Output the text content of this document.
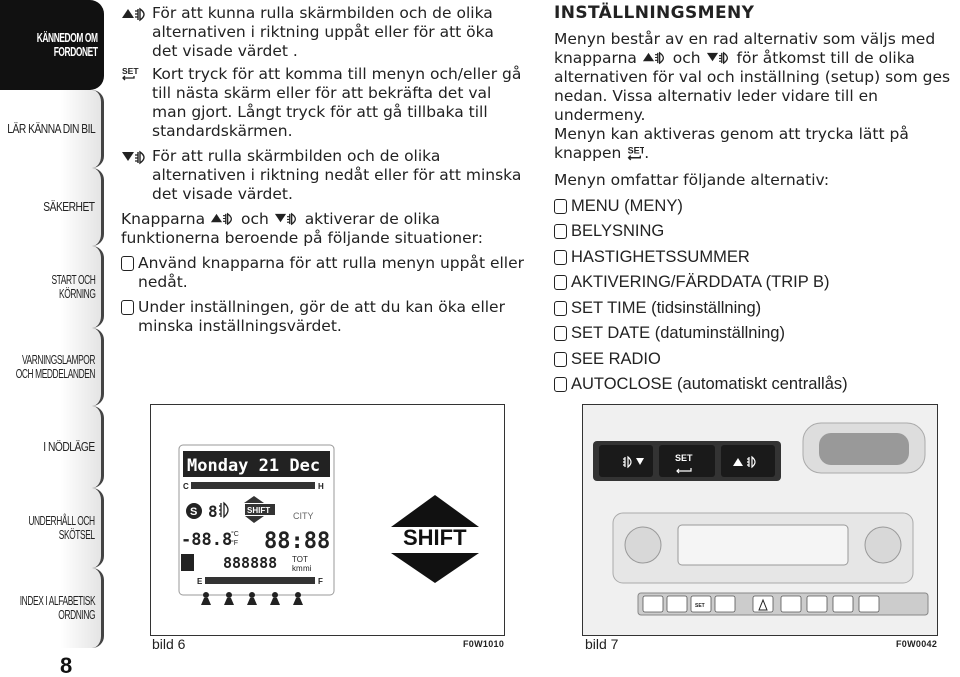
KÄNNEDOM OM
FORDONET
LÄR KÄNNA DIN BIL
SÄKERHET
START OCH
KÖRNING
VARNINGSLAMPOR
OCH MEDDELANDEN
I NÖDLÄGE
UNDERHÅLL OCH
SKÖTSEL
INDEX I ALFABETISK
ORDNING
8
För att kunna rulla skärmbilden och de olika
alternativen i riktning uppåt eller för att öka
det visade värdet .
Kort tryck för att komma till menyn och/eller gå
till nästa skärm eller för att bekräfta det val
man gjort. Långt tryck för att gå tillbaka till
standardskärmen.
För att rulla skärmbilden och de olika
alternativen i riktning nedåt eller för att minska
det visade värdet.
Knapparna och aktiverar de olika
funktionerna beroende på följande situationer:
Använd knapparna för att rulla menyn uppåt eller
nedåt.
Under inställningen, gör de att du kan öka eller
minska inställningsvärdet.
INSTÄLLNINGSMENY
Menyn består av en rad alternativ som väljs med
knapparna och för åtkomst till de olika
alternativen för val och inställning (setup) som ges
nedan. Vissa alternativ leder vidare till en undermeny.
Menyn kan aktiveras genom att trycka lätt på
knappen .
Menyn omfattar följande alternativ:
MENU (MENY)
BELYSNING
HASTIGHETSSUMMER
AKTIVERING/FÄRDDATA (TRIP B)
SET TIME (tidsinställning)
SET DATE (datuminställning)
SEE RADIO
AUTOCLOSE (automatiskt centrallås)
Monday 21 Dec
C	H
S 8	SHIFT
CITY
-88.8
°C
°F 88:88
888888 TOT
km mi
E	F
SHIFT
bild 6	F0W1010
SET
SET
bild 7	F0W0042
